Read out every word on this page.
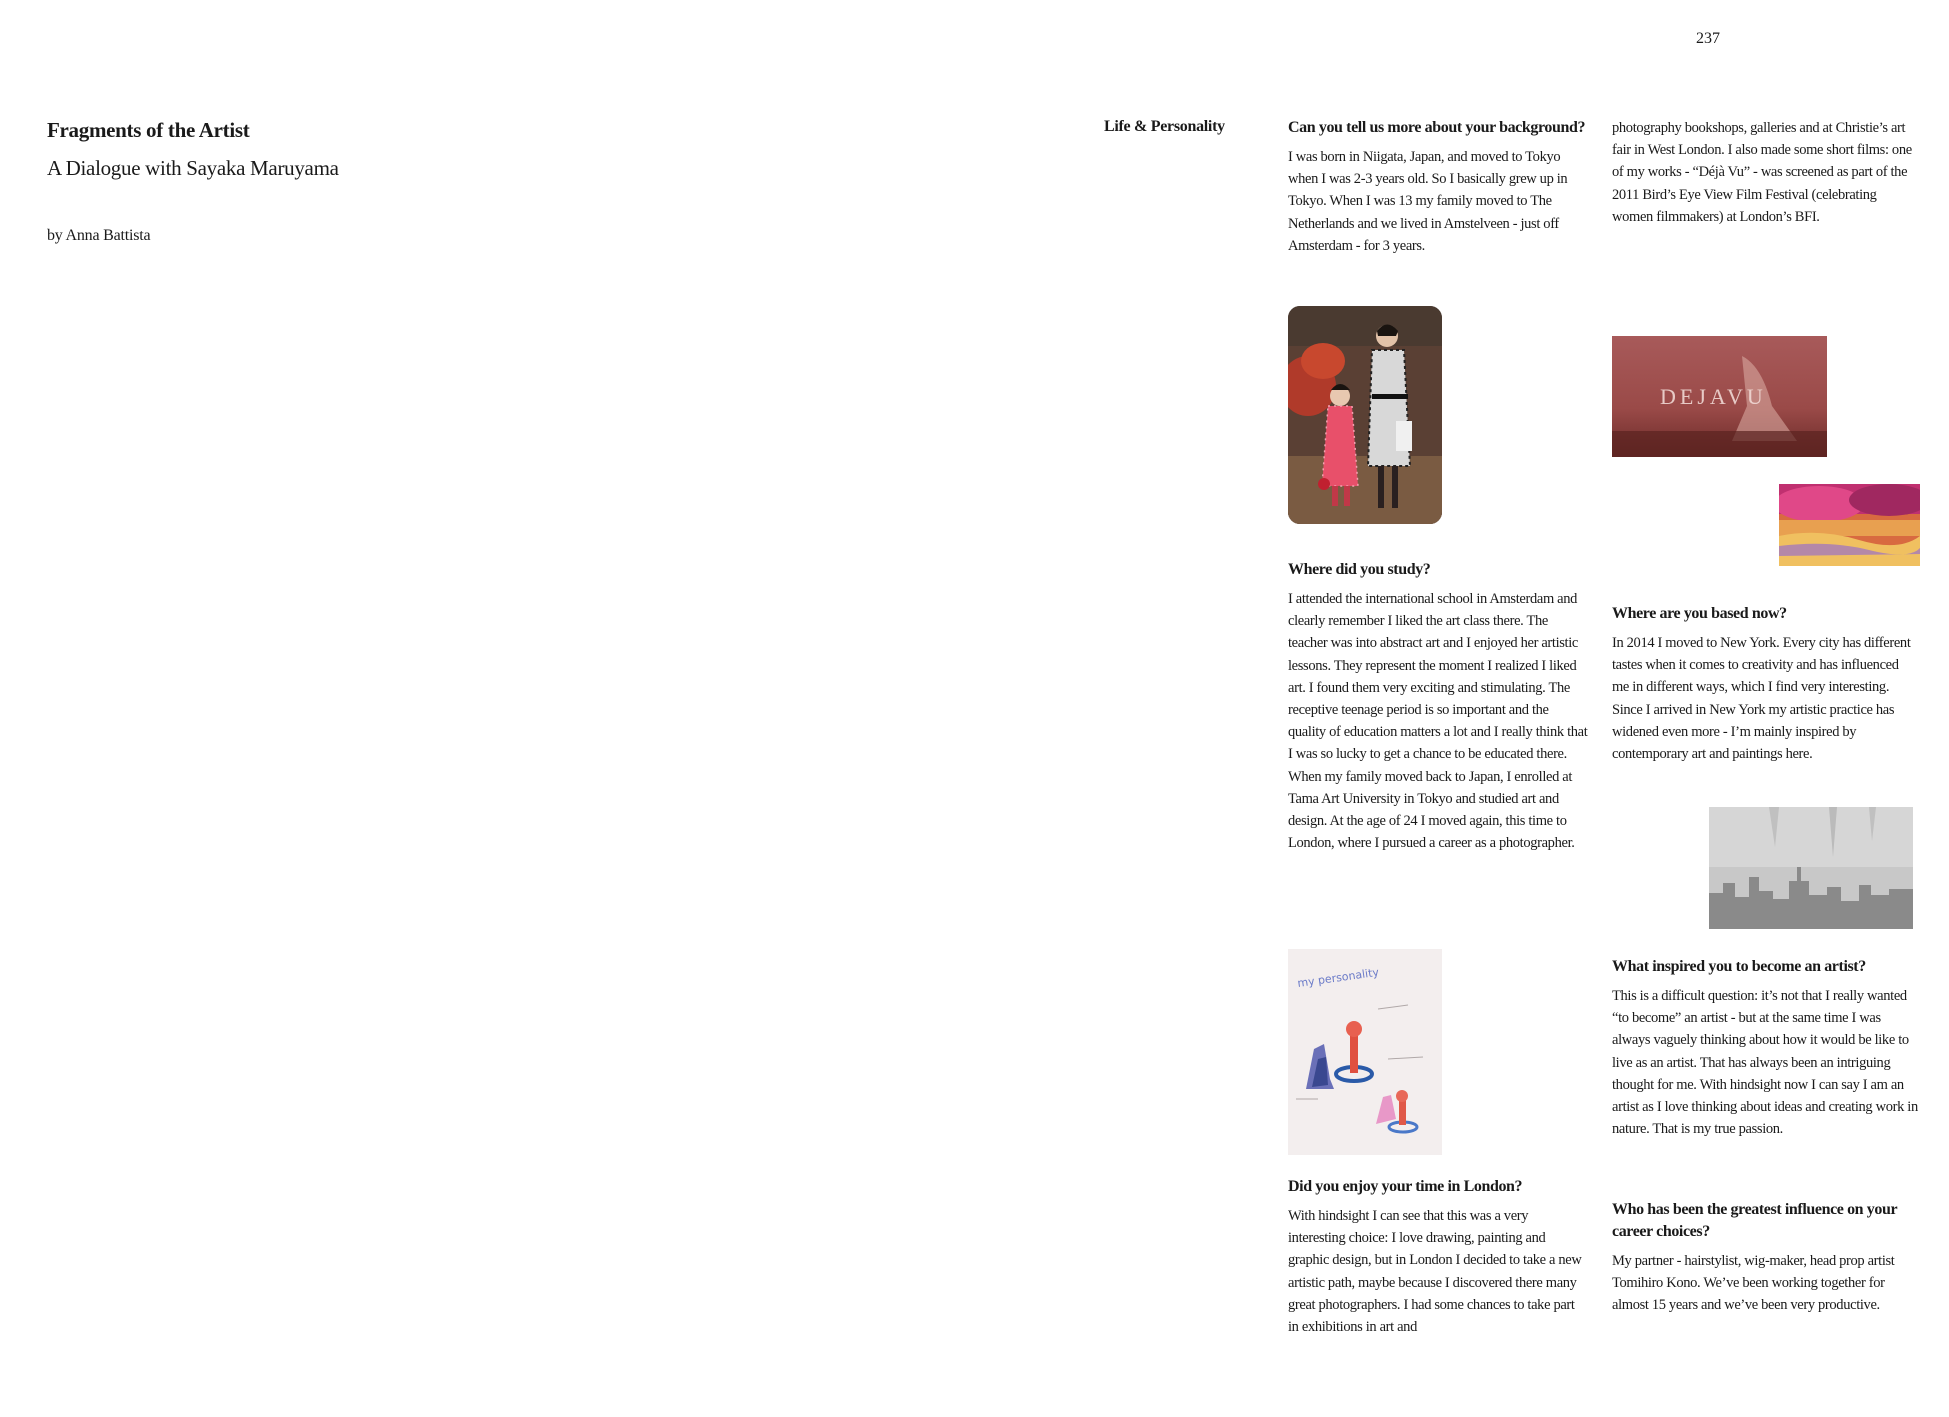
237
Fragments of the Artist
A Dialogue with Sayaka Maruyama
by Anna Battista
Life & Personality	Can you tell us more about your background?

I was born in Niigata, Japan, and moved to Tokyo when I was 2-3 years old. So I basically grew up in Tokyo. When I was 13 my family moved to The Netherlands and we lived in Amstelveen - just off Amsterdam - for 3 years.

Where did you study?

I attended the international school in Amsterdam and clearly remember I liked the art class there. The teacher was into abstract art and I enjoyed her artistic lessons. They represent the moment I realized I liked art. I found them very exciting and stimulating. The receptive teenage period is so important and the quality of education matters a lot and I really think that I was so lucky to get a chance to be educated there. When my family moved back to Japan, I enrolled at Tama Art University in Tokyo and studied art and design. At the age of 24 I moved again, this time to London, where I pursued a career as a photographer.

my personality

Did you enjoy your time in London?

With hindsight I can see that this was a very interesting choice: I love drawing, painting and graphic design, but in London I decided to take a new artistic path, maybe because I discovered there many great photographers. I had some chances to take part in exhibitions in art and

photography bookshops, galleries and at Christie’s art fair in West London. I also made some short films: one of my works - “Déjà Vu” - was screened as part of the 2011 Bird’s Eye View Film Festival (celebrating women filmmakers) at London’s BFI.

DEJAVU

Where are you based now?

In 2014 I moved to New York. Every city has different tastes when it comes to creativity and has influenced me in different ways, which I find very interesting. Since I arrived in New York my artistic practice has widened even more - I’m mainly inspired by contemporary art and paintings here.

What inspired you to become an artist?

This is a difficult question: it’s not that I really wanted “to become” an artist - but at the same time I was always vaguely thinking about how it would be like to live as an artist. That has always been an intriguing thought for me. With hindsight now I can say I am an artist as I love thinking about ideas and creating work in nature. That is my true passion.

Who has been the greatest influence on your career choices?

My partner - hairstylist, wig-maker, head prop artist Tomihiro Kono. We’ve been working together for almost 15 years and we’ve been very productive.
